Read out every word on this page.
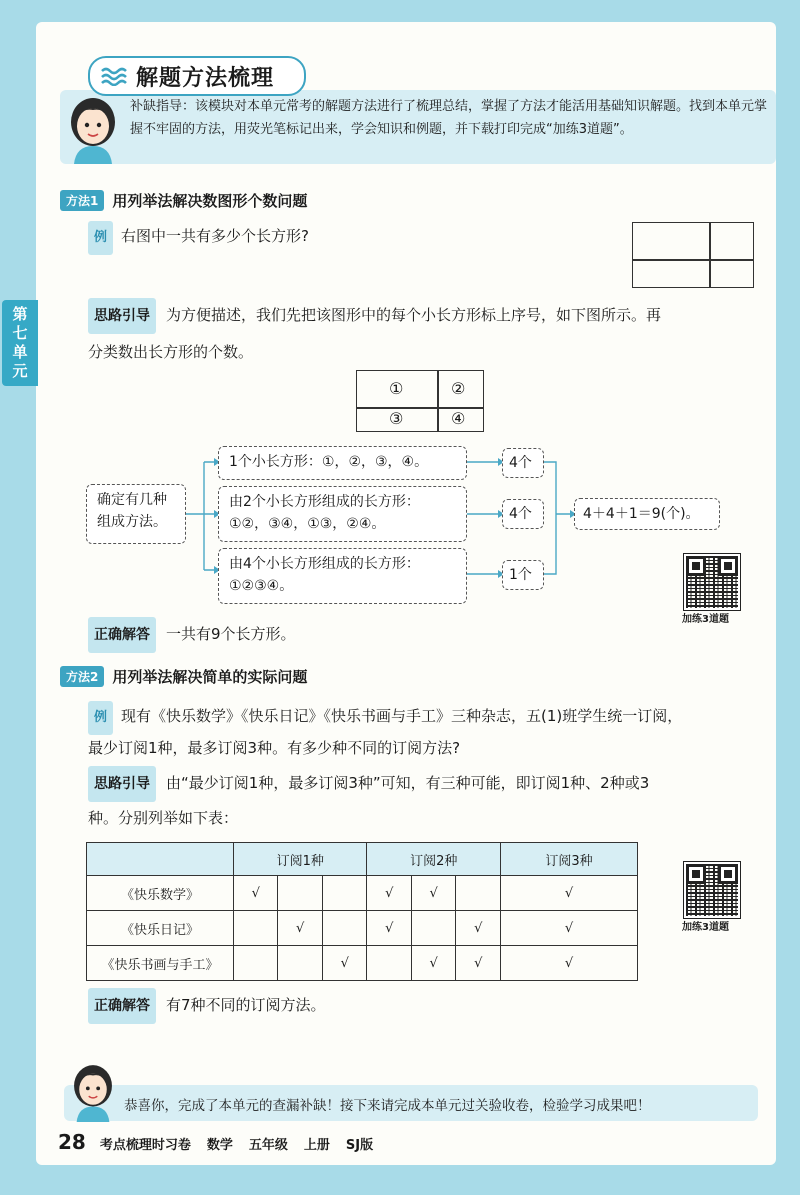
第
七
单
元
解题方法梳理
补缺指导：该模块对本单元常考的解题方法进行了梳理总结，掌握了方法才能活用基础知识解题。找到本单元掌握不牢固的方法，用荧光笔标记出来，学会知识和例题，并下载打印完成“加练3道题”。
方法1 用列举法解决数图形个数问题
例 右图中一共有多少个长方形?
思路引导 为方便描述，我们先把该图形中的每个小长方形标上序号，如下图所示。再
分类数出长方形的个数。
①	②
③	④
确定有几种
组成方法。
1个小长方形：①，②，③，④。
由2个小长方形组成的长方形：
①②，③④，①③，②④。
由4个小长方形组成的长方形：
①②③④。
4个
4个
1个
4＋4＋1＝9(个)。
加练3道题
正确解答 一共有9个长方形。
方法2 用列举法解决简单的实际问题
例 现有《快乐数学》《快乐日记》《快乐书画与手工》三种杂志，五(1)班学生统一订阅，
最少订阅1种，最多订阅3种。有多少种不同的订阅方法?
思路引导 由“最少订阅1种，最多订阅3种”可知，有三种可能，即订阅1种、2种或3
种。分别列举如下表：
	订阅1种			订阅2种			订阅3种
《快乐数学》	√			√	√		√
《快乐日记》		√		√		√	√
《快乐书画与手工》			√		√	√	√
加练3道题
正确解答 有7种不同的订阅方法。
恭喜你，完成了本单元的查漏补缺！接下来请完成本单元过关验收卷，检验学习成果吧！
28 考点梳理时习卷 数学 五年级 上册 SJ版
